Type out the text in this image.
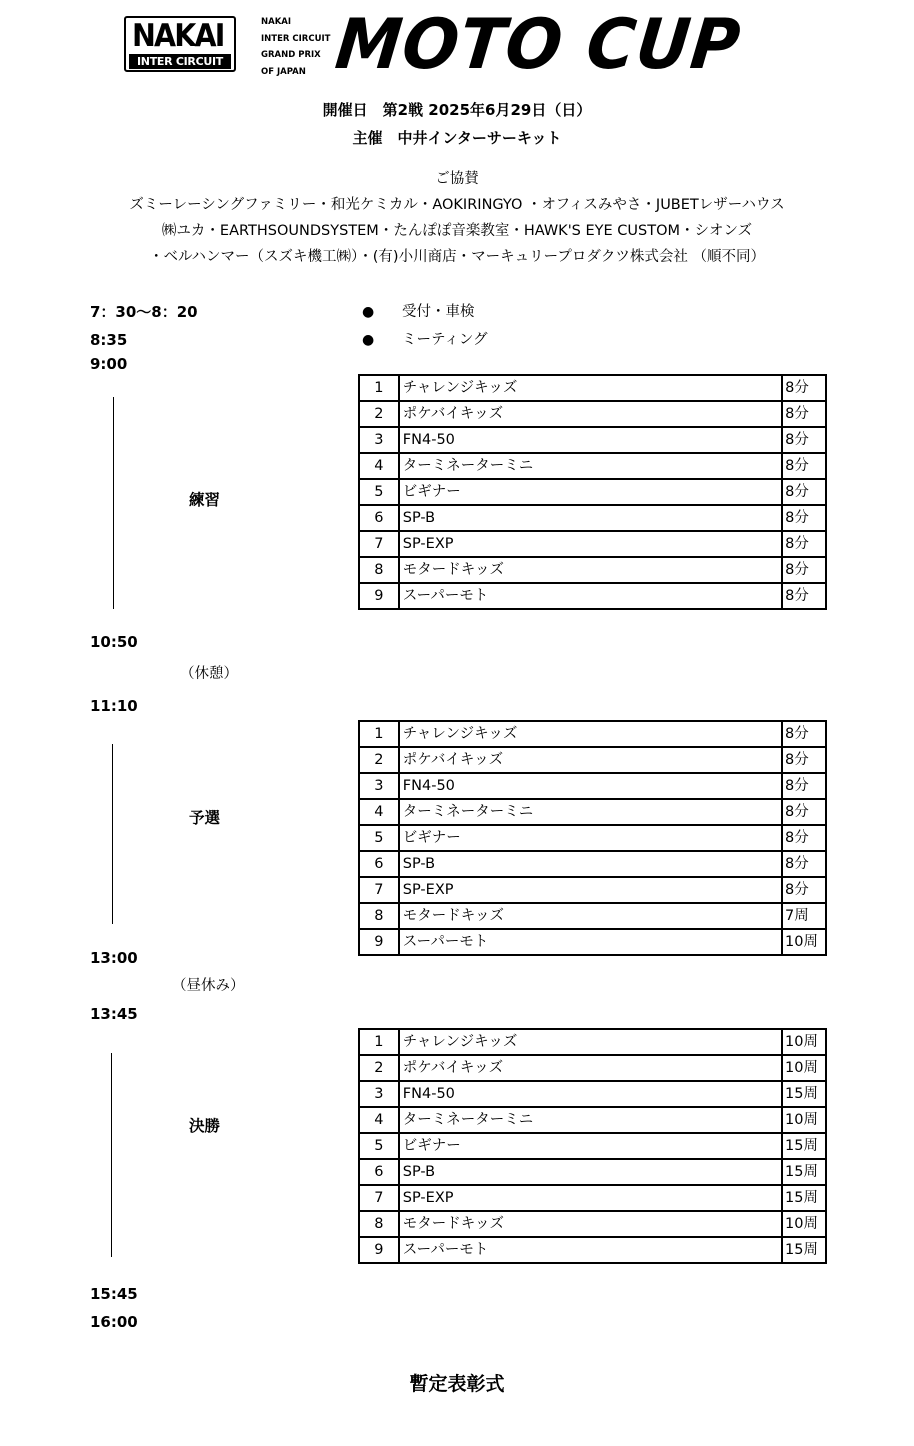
NAKAI
INTER CIRCUIT
NAKAI
INTER CIRCUIT
GRAND PRIX
OF JAPAN MOTO CUP
開催日　第2戦 2025年6月29日（日）
主催　中井インターサーキット
ご協賛
ズミーレーシングファミリー・和光ケミカル・AOKIRINGYO ・オフィスみやさ・JUBETレザーハウス
㈱ユカ・EARTHSOUNDSYSTEM・たんぽぽ音楽教室・HAWK'S EYE CUSTOM・シオンズ
・ベルハンマー（スズキ機工㈱）・(有)小川商店・マーキュリープロダクツ株式会社 （順不同）
7：30〜8：20	● 受付・車検
8:35	● ミーティング
9:00
練習
1	チャレンジキッズ	8分
2	ポケバイキッズ	8分
3	FN4-50	8分
4	ターミネーターミニ	8分
5	ビギナー	8分
6	SP-B	8分
7	SP-EXP	8分
8	モタードキッズ	8分
9	スーパーモト	8分
10:50
（休憩）
11:10
予選
1	チャレンジキッズ	8分
2	ポケバイキッズ	8分
3	FN4-50	8分
4	ターミネーターミニ	8分
5	ビギナー	8分
6	SP-B	8分
7	SP-EXP	8分
8	モタードキッズ	7周
9	スーパーモト	10周
13:00
（昼休み）
13:45
決勝
1	チャレンジキッズ	10周
2	ポケバイキッズ	10周
3	FN4-50	15周
4	ターミネーターミニ	10周
5	ビギナー	15周
6	SP-B	15周
7	SP-EXP	15周
8	モタードキッズ	10周
9	スーパーモト	15周
15:45
16:00
暫定表彰式
